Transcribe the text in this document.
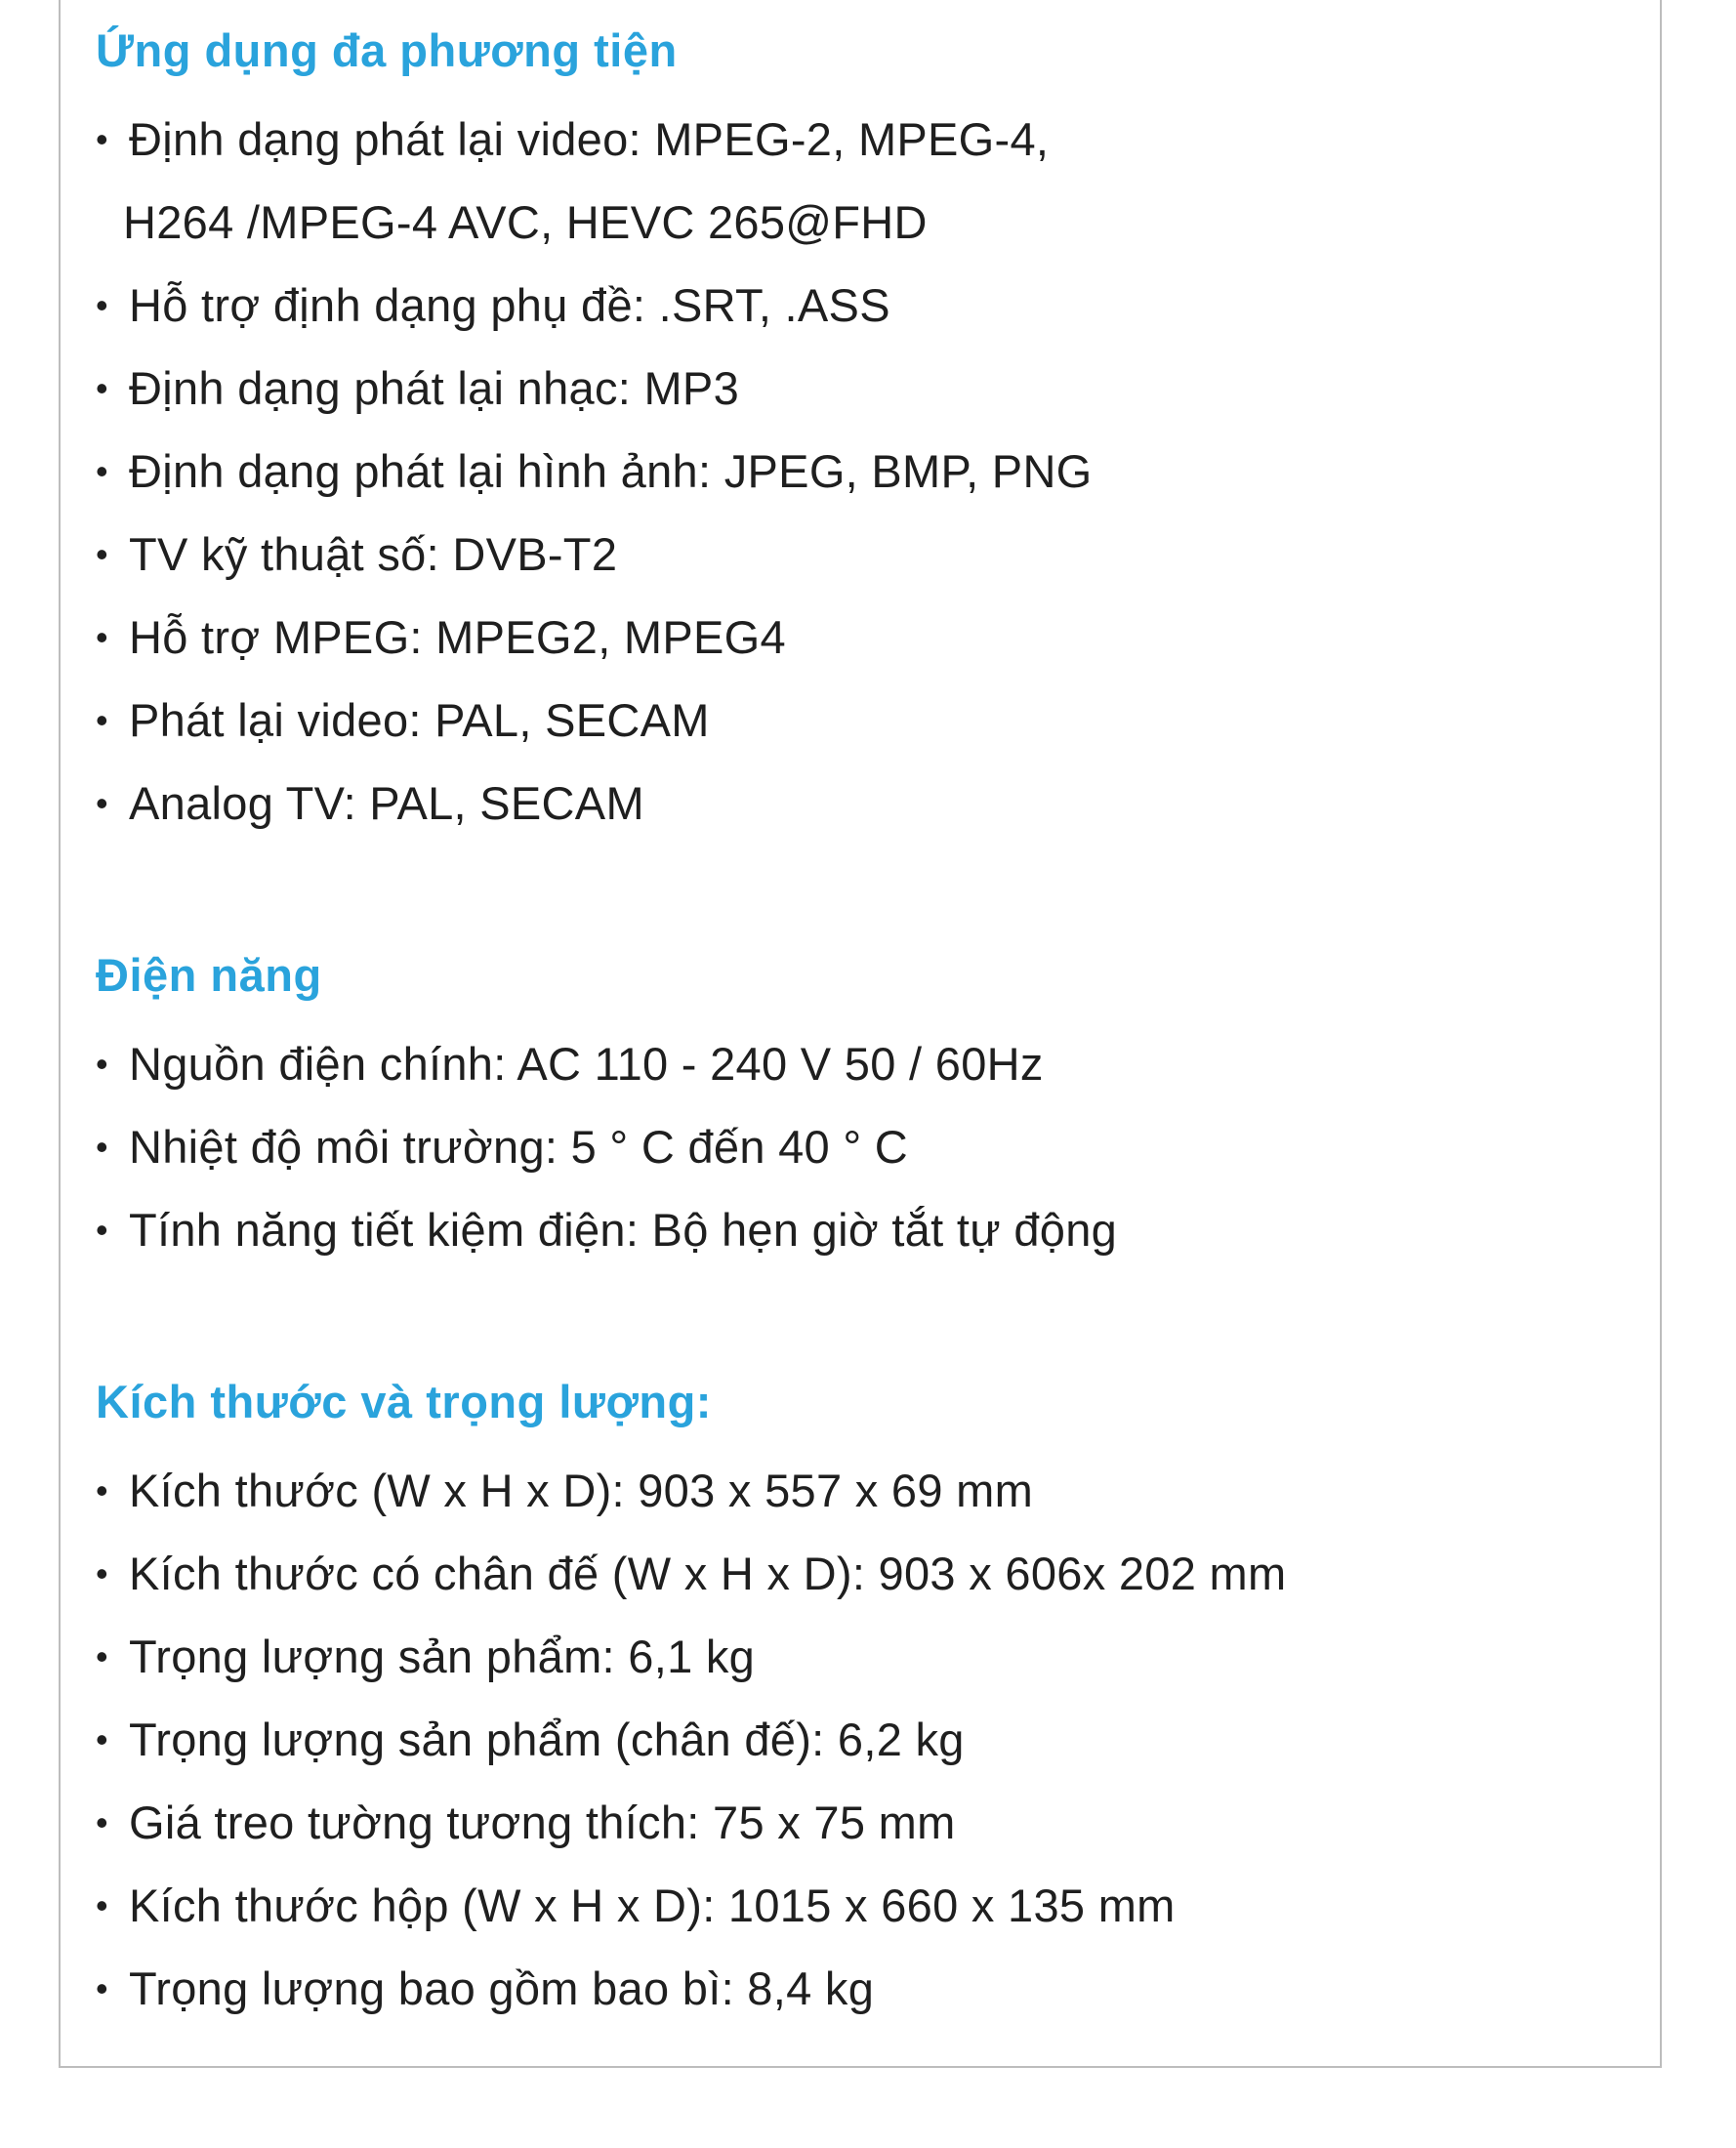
Ứng dụng đa phương tiện
• Định dạng phát lại video: MPEG-2, MPEG-4,
H264 /MPEG-4 AVC, HEVC 265@FHD
• Hỗ trợ định dạng phụ đề: .SRT, .ASS
• Định dạng phát lại nhạc: MP3
• Định dạng phát lại hình ảnh: JPEG, BMP, PNG
• TV kỹ thuật số: DVB-T2
• Hỗ trợ MPEG: MPEG2, MPEG4
• Phát lại video: PAL, SECAM
• Analog TV: PAL, SECAM
Điện năng
• Nguồn điện chính: AC 110 - 240 V 50 / 60Hz
• Nhiệt độ môi trường: 5 ° C đến 40 ° C
• Tính năng tiết kiệm điện: Bộ hẹn giờ tắt tự động
Kích thước và trọng lượng:
• Kích thước (W x H x D): 903 x 557 x 69 mm
• Kích thước có chân đế (W x H x D): 903 x 606x 202 mm
• Trọng lượng sản phẩm: 6,1 kg
• Trọng lượng sản phẩm (chân đế): 6,2 kg
• Giá treo tường tương thích: 75 x 75 mm
• Kích thước hộp (W x H x D): 1015 x 660 x 135 mm
• Trọng lượng bao gồm bao bì: 8,4 kg
